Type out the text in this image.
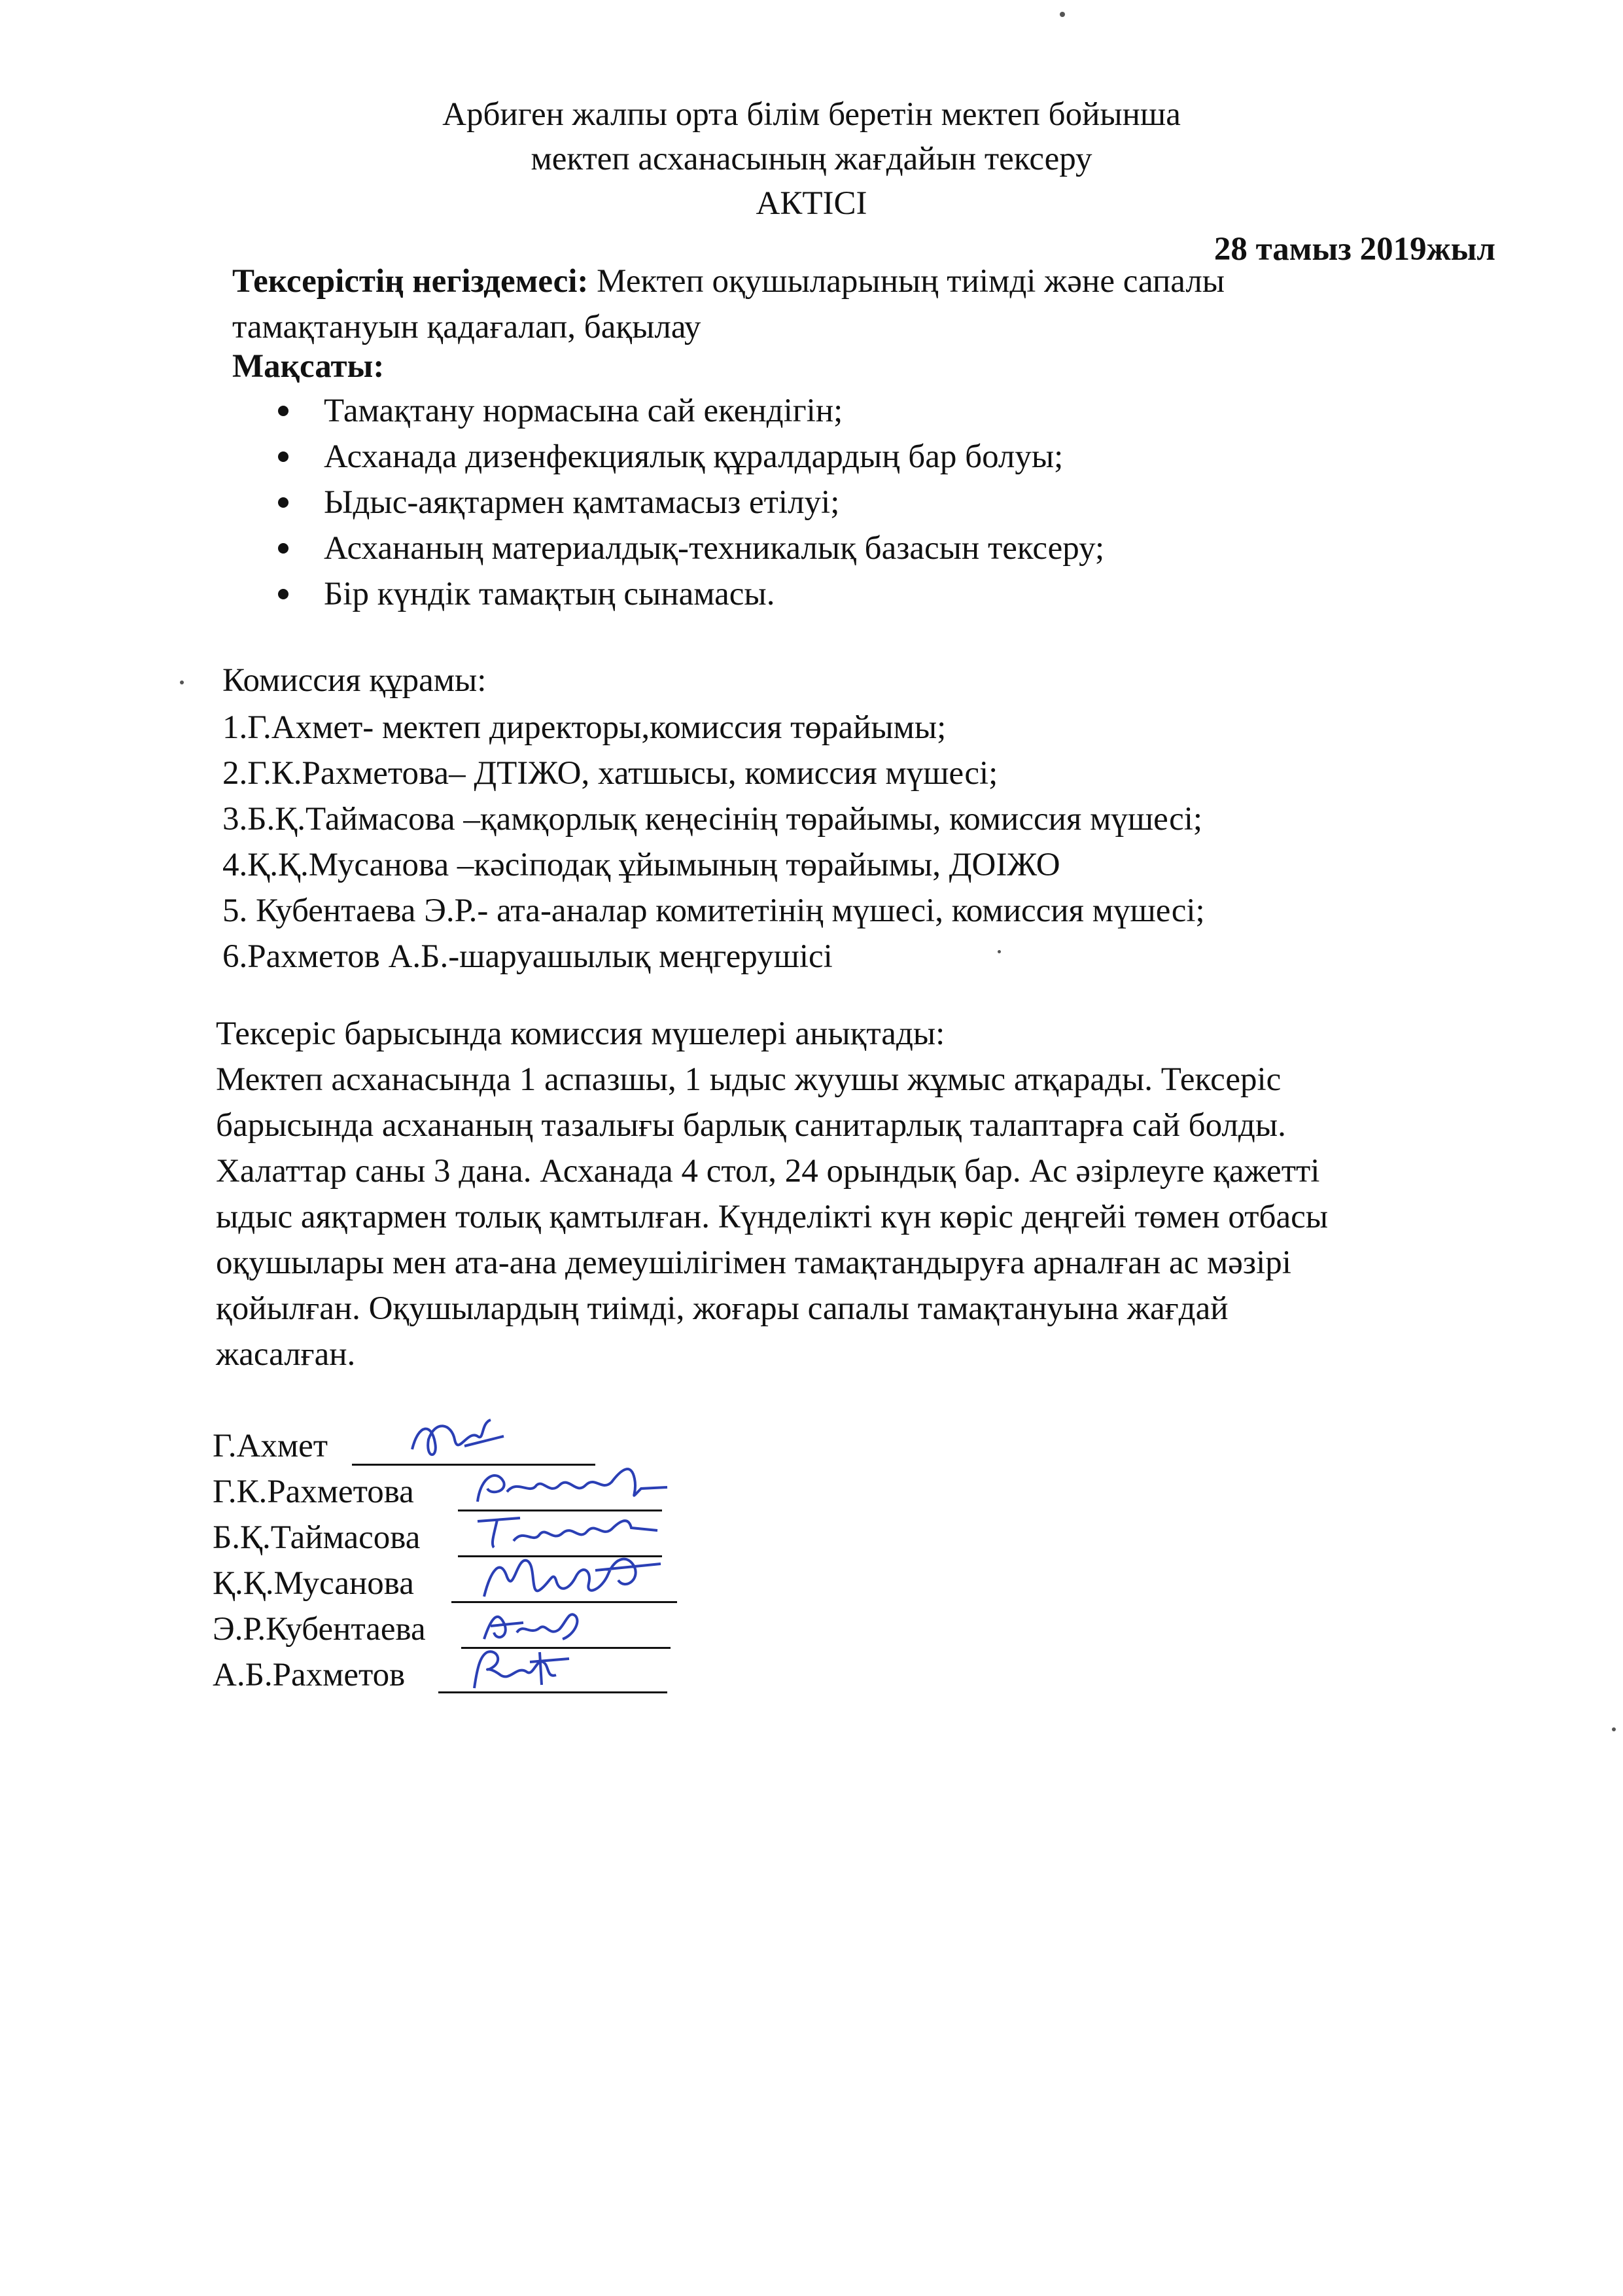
Арбиген жалпы орта білім беретін мектеп бойынша
мектеп асханасының жағдайын тексеру
АКТІСІ
28 тамыз 2019жыл
Тексерістің негіздемесі: Мектеп оқушыларының тиімді және сапалы
тамақтануын қадағалап, бақылау
Мақсаты:
Тамақтану нормасына сай екендігін;
Асханада дизенфекциялық құралдардың бар болуы;
Ыдыс-аяқтармен қамтамасыз етілуі;
Асхананың материалдық-техникалық базасын тексеру;
Бір күндік тамақтың сынамасы.
Комиссия құрамы:
1.Г.Ахмет- мектеп директоры,комиссия төрайымы;
2.Г.К.Рахметова– ДТІЖО, хатшысы, комиссия мүшесі;
3.Б.Қ.Таймасова –қамқорлық кеңесінің төрайымы, комиссия мүшесі;
4.Қ.Қ.Мусанова –кәсіподақ ұйымының төрайымы, ДОІЖО
5. Кубентаева Э.Р.- ата-аналар комитетінің мүшесі, комиссия мүшесі;
6.Рахметов А.Б.-шаруашылық меңгерушісі
Тексеріс барысында комиссия мүшелері анықтады:
Мектеп асханасында 1 аспазшы, 1 ыдыс жуушы жұмыс атқарады. Тексеріс
барысында асхананың тазалығы барлық санитарлық талаптарға сай болды.
Халаттар саны 3 дана. Асханада 4 стол, 24 орындық бар. Ас әзірлеуге қажетті
ыдыс аяқтармен толық қамтылған. Күнделікті күн көріс деңгейі төмен отбасы
оқушылары мен ата-ана демеушілігімен тамақтандыруға арналған ас мәзірі
қойылған. Оқушылардың тиімді, жоғары сапалы тамақтануына жағдай
жасалған.
Г.Ахмет
Г.К.Рахметова
Б.Қ.Таймасова
Қ.Қ.Мусанова
Э.Р.Кубентаева
А.Б.Рахметов
